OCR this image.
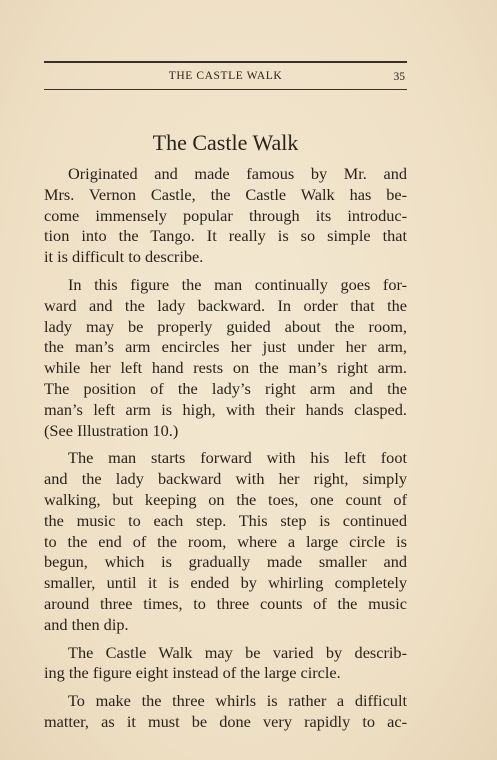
THE CASTLE WALK	35
The Castle Walk

Originated and made famous by Mr. and
Mrs. Vernon Castle, the Castle Walk has be-
come immensely popular through its introduc-
tion into the Tango. It really is so simple that
it is difficult to describe.

In this figure the man continually goes for-
ward and the lady backward. In order that the
lady may be properly guided about the room,
the man’s arm encircles her just under her arm,
while her left hand rests on the man’s right arm.
The position of the lady’s right arm and the
man’s left arm is high, with their hands clasped.
(See Illustration 10.)

The man starts forward with his left foot
and the lady backward with her right, simply
walking, but keeping on the toes, one count of
the music to each step. This step is continued
to the end of the room, where a large circle is
begun, which is gradually made smaller and
smaller, until it is ended by whirling completely
around three times, to three counts of the music
and then dip.

The Castle Walk may be varied by describ-
ing the figure eight instead of the large circle.

To make the three whirls is rather a difficult
matter, as it must be done very rapidly to ac-
